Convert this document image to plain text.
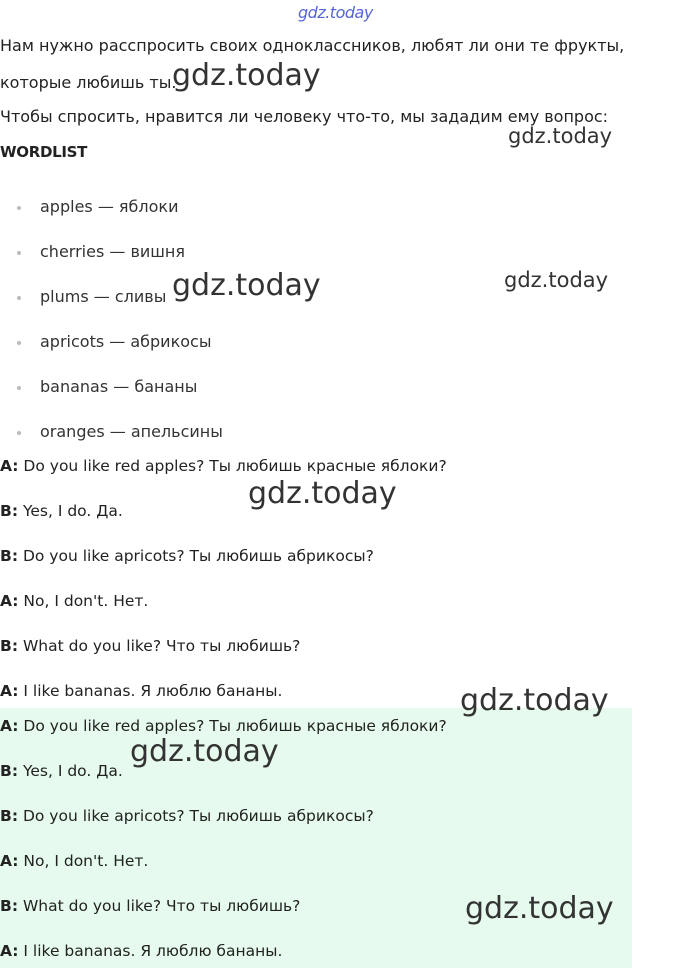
gdz.today
Нам нужно расспросить своих одноклассников, любят ли они те фрукты,
которые любишь ты.
gdz.today
Чтобы спросить, нравится ли человеку что-то, мы зададим ему вопрос:
gdz.today
WORDLIST
apples — яблоки
cherries — вишня
plums — сливы gdz.today	gdz.today
apricots — абрикосы
bananas — бананы
oranges — апельсины
A: Do you like red apples? Ты любишь красные яблоки?
gdz.today
B: Yes, I do. Да.
B: Do you like apricots? Ты любишь абрикосы?
A: No, I don't. Нет.
B: What do you like? Что ты любишь?
A: I like bananas. Я люблю бананы.	gdz.today
A: Do you like red apples? Ты любишь красные яблоки?
gdz.today
B: Yes, I do. Да.
B: Do you like apricots? Ты любишь абрикосы?
A: No, I don't. Нет.
B: What do you like? Что ты любишь?	gdz.today
A: I like bananas. Я люблю бананы.
